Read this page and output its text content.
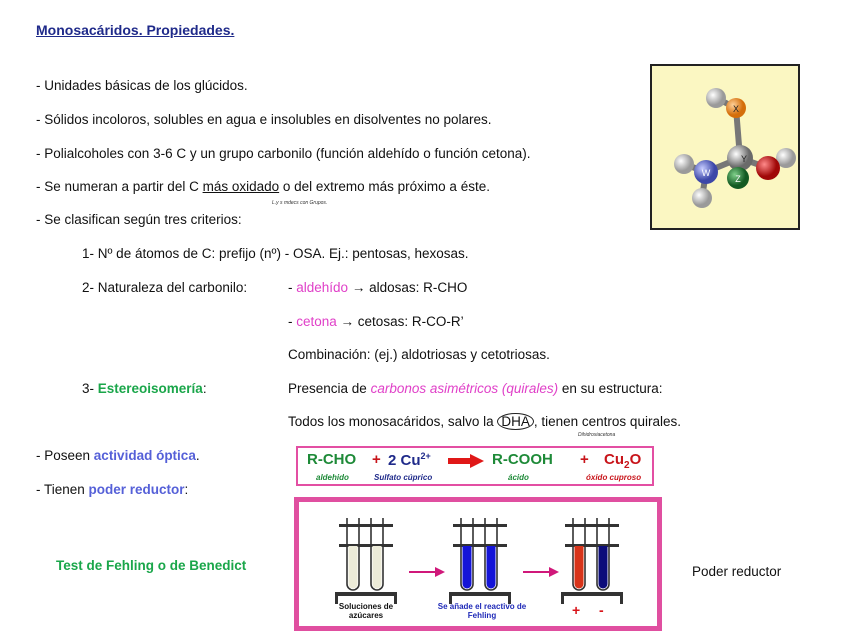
Monosacáridos. Propiedades.
- Unidades básicas de los glúcidos.
- Sólidos incoloros, solubles en agua e insolubles en disolventes no polares.
- Polialcoholes con 3-6 C y un grupo carbonilo (función aldehído o función cetona).
- Se numeran a partir del C más oxidado o del extremo más próximo a éste.
L.y s mdecs con Grupos.
- Se clasifican según tres criterios:
1- Nº de átomos de C: prefijo (nº) - OSA. Ej.: pentosas, hexosas.
2- Naturaleza del carbonilo:	- aldehído → aldosas: R-CHO
- cetona → cetosas: R-CO-R’
Combinación: (ej.) aldotriosas y cetotriosas.
3- Estereoisomería:	Presencia de carbonos asimétricos (quirales) en su estructura:
Todos los monosacáridos, salvo la DHA , tienen centros quirales.
Dihidroxiacetona
- Poseen actividad óptica.
- Tienen poder reductor:
X
W
Y
Z
R-CHO + 2 $Cu^{2+}$ → R-COOH + $Cu_2O$
aldehido	Sulfato cúprico	ácido	óxido cuproso
Test de Fehling o de Benedict
Soluciones de
azúcares
Se añade el reactivo de
Fehling	+ -
Poder reductor
